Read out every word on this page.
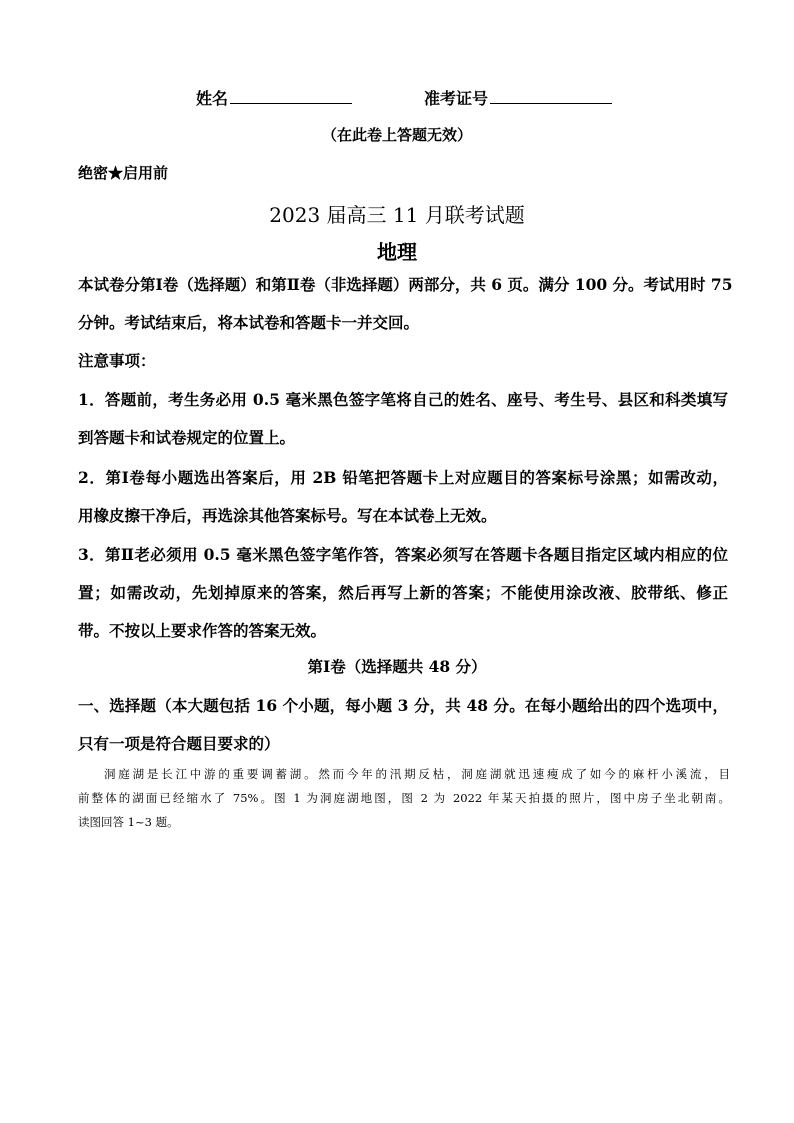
姓名	准考证号
（在此卷上答题无效）
绝密★启用前
2023 届高三 11 月联考试题
地理
本试卷分第Ⅰ卷（选择题）和第Ⅱ卷（非选择题）两部分，共 6 页。满分 100 分。考试用时 75
分钟。考试结束后，将本试卷和答题卡一并交回。
注意事项：
1．答题前，考生务必用 0.5 毫米黑色签字笔将自己的姓名、座号、考生号、县区和科类填写
到答题卡和试卷规定的位置上。
2．第Ⅰ卷每小题选出答案后，用 2B 铅笔把答题卡上对应题目的答案标号涂黑；如需改动，
用橡皮擦干净后，再选涂其他答案标号。写在本试卷上无效。
3．第Ⅱ老必须用 0.5 毫米黑色签字笔作答，答案必须写在答题卡各题目指定区域内相应的位
置；如需改动，先划掉原来的答案，然后再写上新的答案；不能使用涂改液、胶带纸、修正
带。不按以上要求作答的答案无效。
第Ⅰ卷（选择题共 48 分）
一、选择题（本大题包括 16 个小题，每小题 3 分，共 48 分。在每小题给出的四个选项中，
只有一项是符合题目要求的）
洞庭湖是长江中游的重要调蓄湖。然而今年的汛期反枯，洞庭湖就迅速瘦成了如今的麻杆小溪流，目
前整体的湖面已经缩水了 75%。图 1 为洞庭湖地图，图 2 为 2022 年某天拍摄的照片，图中房子坐北朝南。
读图回答 1~3 题。
